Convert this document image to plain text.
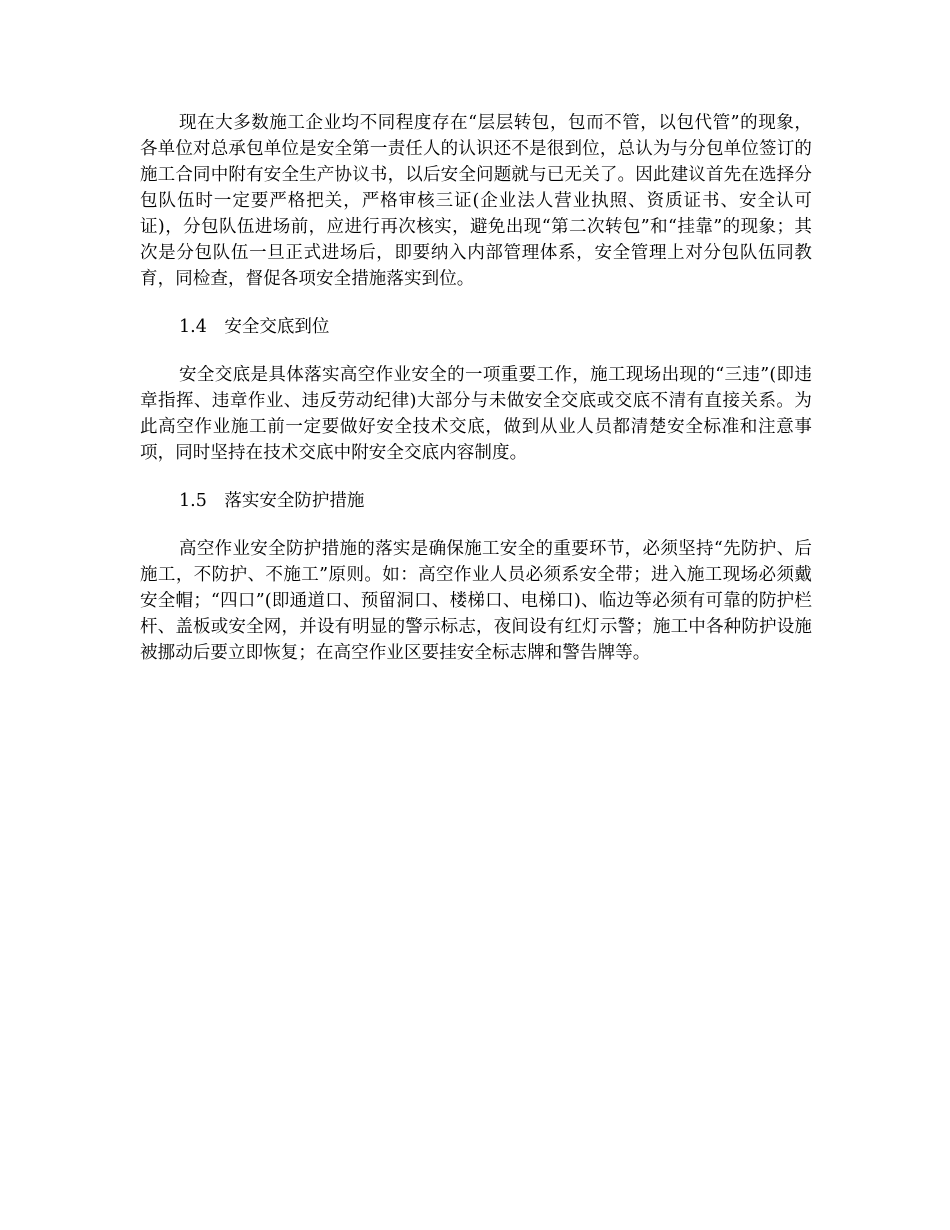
现在大多数施工企业均不同程度存在“层层转包，包而不管，以包代管”的现象，各单位对总承包单位是安全第一责任人的认识还不是很到位，总认为与分包单位签订的施工合同中附有安全生产协议书，以后安全问题就与已无关了。因此建议首先在选择分包队伍时一定要严格把关，严格审核三证(企业法人营业执照、资质证书、安全认可证)，分包队伍进场前，应进行再次核实，避免出现“第二次转包”和“挂靠”的现象；其次是分包队伍一旦正式进场后，即要纳入内部管理体系，安全管理上对分包队伍同教育，同检查，督促各项安全措施落实到位。

1.4　安全交底到位

安全交底是具体落实高空作业安全的一项重要工作，施工现场出现的“三违”(即违章指挥、违章作业、违反劳动纪律)大部分与未做安全交底或交底不清有直接关系。为此高空作业施工前一定要做好安全技术交底，做到从业人员都清楚安全标准和注意事项，同时坚持在技术交底中附安全交底内容制度。

1.5　落实安全防护措施

高空作业安全防护措施的落实是确保施工安全的重要环节，必须坚持“先防护、后施工，不防护、不施工”原则。如：高空作业人员必须系安全带；进入施工现场必须戴安全帽；“四口”(即通道口、预留洞口、楼梯口、电梯口)、临边等必须有可靠的防护栏杆、盖板或安全网，并设有明显的警示标志，夜间设有红灯示警；施工中各种防护设施被挪动后要立即恢复；在高空作业区要挂安全标志牌和警告牌等。
